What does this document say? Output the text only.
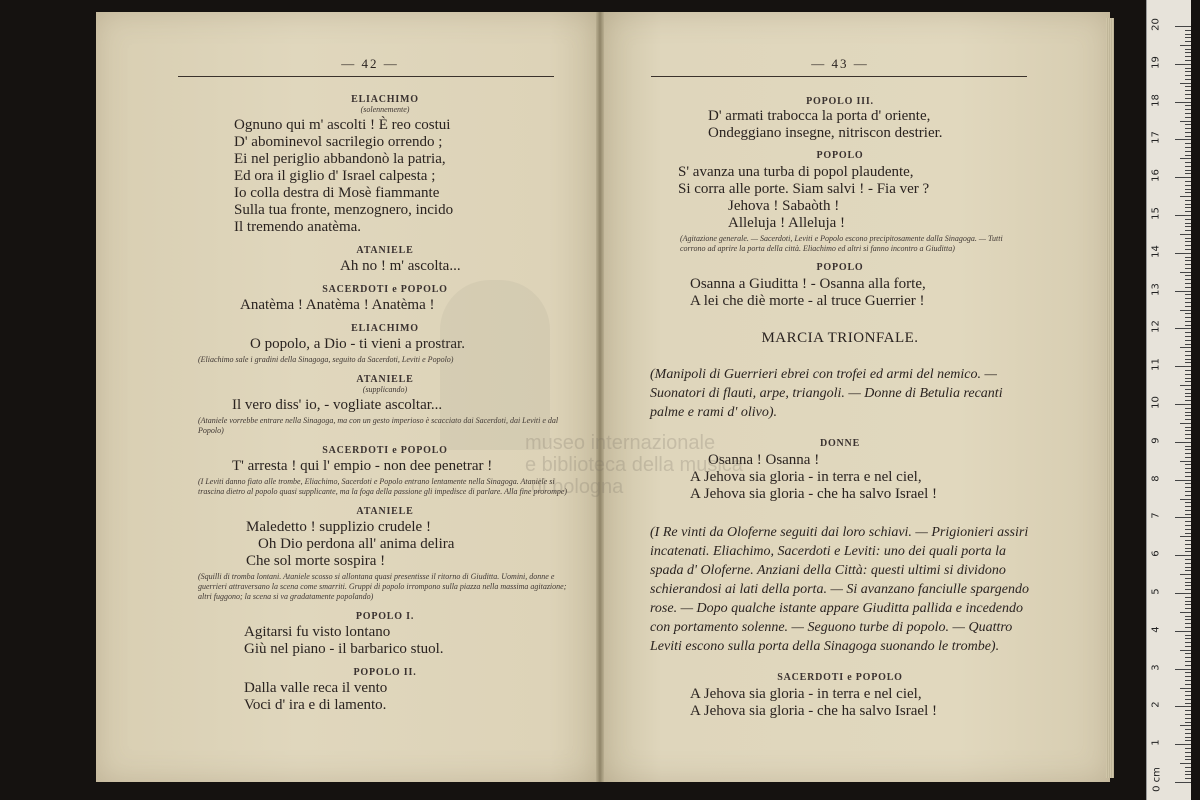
— 42 —
ELIACHIMO
(solennemente)
Ognuno qui m' ascolti ! È reo costui
D' abominevol sacrilegio orrendo ;
Ei nel periglio abbandonò la patria,
Ed ora il giglio d' Israel calpesta ;
Io colla destra di Mosè fiammante
Sulla tua fronte, menzognero, incido
Il tremendo anatèma.
ATANIELE
Ah no ! m' ascolta...
SACERDOTI e POPOLO
Anatèma ! Anatèma ! Anatèma !
ELIACHIMO
O popolo, a Dio - ti vieni a prostrar.
(Eliachimo sale i gradini della Sinagoga, seguito da Sacerdoti, Leviti e Popolo)
ATANIELE
(supplicando)
Il vero diss' io, - vogliate ascoltar...
(Ataniele vorrebbe entrare nella Sinagoga, ma con un gesto imperioso è scacciato dai Sacerdoti, dai Leviti e dal Popolo)
SACERDOTI e POPOLO
T' arresta ! qui l' empio - non dee penetrar !
(I Leviti danno fiato alle trombe, Eliachimo, Sacerdoti e Popolo entrano lentamente nella Sinagoga. Ataniele si trascina dietro al popolo quasi supplicante, ma la foga della passione gli impedisce di parlare. Alla fine prorompe)
ATANIELE
Maledetto ! supplizio crudele !
Oh Dio perdona all' anima delira
Che sol morte sospira !
(Squilli di tromba lontani. Ataniele scosso si allontana quasi presentisse il ritorno di Giuditta. Uomini, donne e guerrieri attraversano la scena come smarriti. Gruppi di popolo irrompono sulla piazza nella massima agitazione; altri fuggono; la scena si va gradatamente popolando)
POPOLO I.
Agitarsi fu visto lontano
Giù nel piano - il barbarico stuol.
POPOLO II.
Dalla valle reca il vento
Voci d' ira e di lamento.
— 43 —
POPOLO III.
D' armati trabocca la porta d' oriente,
Ondeggiano insegne, nitriscon destrier.
POPOLO
S' avanza una turba di popol plaudente,
Si corra alle porte. Siam salvi ! - Fia ver ?
Jehova ! Sabaòth !
Alleluja ! Alleluja !
(Agitazione generale. — Sacerdoti, Leviti e Popolo escono precipitosamente dalla Sinagoga. — Tutti corrono ad aprire la porta della città. Eliachimo ed altri si fanno incontro a Giuditta)
POPOLO
Osanna a Giuditta ! - Osanna alla forte,
A lei che diè morte - al truce Guerrier !
MARCIA TRIONFALE.
(Manipoli di Guerrieri ebrei con trofei ed armi del nemico. — Suonatori di flauti, arpe, triangoli. — Donne di Betulia recanti palme e rami d' olivo).
DONNE
Osanna ! Osanna !
A Jehova sia gloria - in terra e nel ciel,
A Jehova sia gloria - che ha salvo Israel !
(I Re vinti da Oloferne seguiti dai loro schiavi. — Prigionieri assiri incatenati. Eliachimo, Sacerdoti e Leviti: uno dei quali porta la spada d' Oloferne. Anziani della Città: questi ultimi si dividono schierandosi ai lati della porta. — Si avanzano fanciulle spargendo rose. — Dopo qualche istante appare Giuditta pallida e incedendo con portamento solenne. — Seguono turbe di popolo. — Quattro Leviti escono sulla porta della Sinagoga suonando le trombe).
SACERDOTI e POPOLO
A Jehova sia gloria - in terra e nel ciel,
A Jehova sia gloria - che ha salvo Israel !
museo internazionale
e biblioteca della musica
di bologna
0 cm
1
2
3
4
5
6
7
8
9
10
11
12
13
14
15
16
17
18
19
20
